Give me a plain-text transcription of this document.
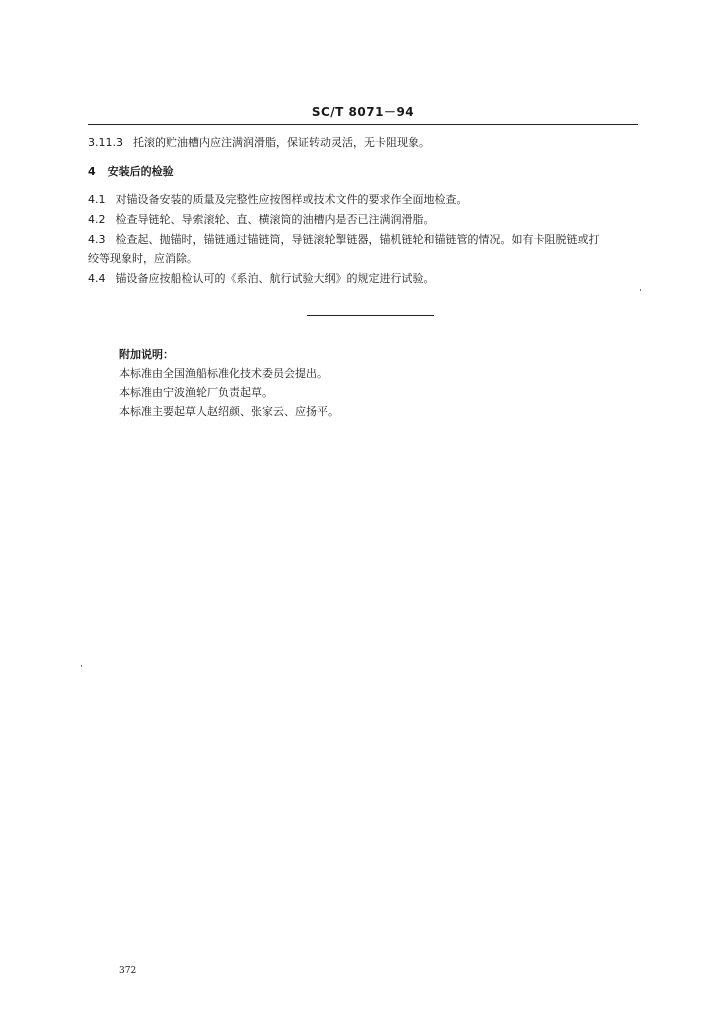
SC/T 8071－94
3.11.3 托滚的贮油槽内应注满润滑脂，保证转动灵活，无卡阻现象。
4 安装后的检验
4.1 对锚设备安装的质量及完整性应按图样或技术文件的要求作全面地检查。
4.2 检查导链轮、导索滚轮、直、横滚筒的油槽内是否已注满润滑脂。
4.3 检查起、抛锚时，锚链通过锚链筒，导链滚轮掣链器，锚机链轮和锚链管的情况。如有卡阻脱链或打
绞等现象时，应消除。
4.4 锚设备应按船检认可的《系泊、航行试验大纲》的规定进行试验。
附加说明：
本标准由全国渔船标准化技术委员会提出。
本标准由宁波渔轮厂负责起草。
本标准主要起草人赵绍颜、张家云、应扬平。
372
